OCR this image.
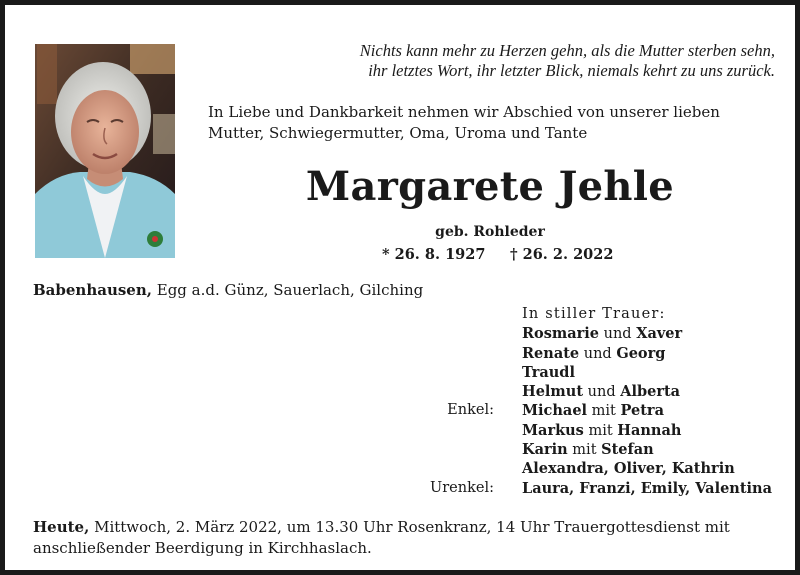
Nichts kann mehr zu Herzen gehn, als die Mutter sterben sehn,
ihr letztes Wort, ihr letzter Blick, niemals kehrt zu uns zurück.
In Liebe und Dankbarkeit nehmen wir Abschied von unserer lieben
Mutter, Schwiegermutter, Oma, Uroma und Tante
Margarete Jehle
geb. Rohleder
* 26. 8. 1927 † 26. 2. 2022
Babenhausen, Egg a.d. Günz, Sauerlach, Gilching
In stiller Trauer:
Rosmarie und Xaver
Renate und Georg
Traudl
Helmut und Alberta
Enkel: Michael mit Petra
Markus mit Hannah
Karin mit Stefan
Alexandra, Oliver, Kathrin
Urenkel: Laura, Franzi, Emily, Valentina
Heute, Mittwoch, 2. März 2022, um 13.30 Uhr Rosenkranz, 14 Uhr Trauergottesdienst mit
anschließender Beerdigung in Kirchhaslach.
